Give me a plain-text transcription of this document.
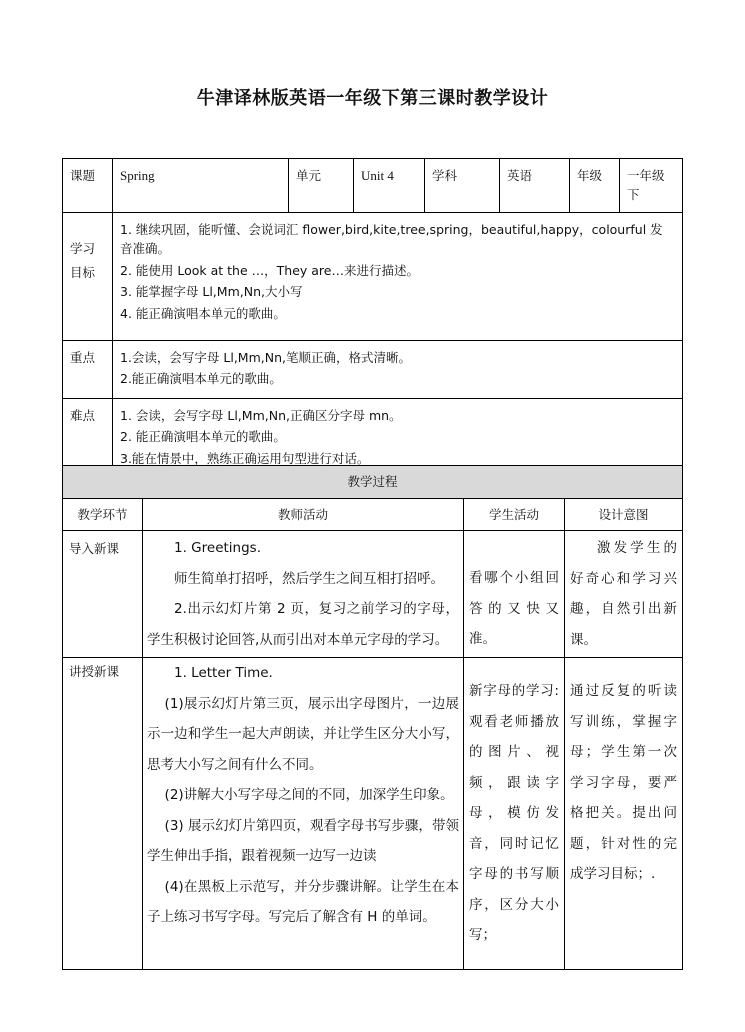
牛津译林版英语一年级下第三课时教学设计
课题	Spring	单元	Unit 4	学科	英语	年级	一年级下
学习目标	1. 继续巩固，能听懂、会说词汇 flower,bird,kite,tree,spring，beautiful,happy，colourful 发音准确。
2. 能使用 Look at the …，They are…来进行描述。
3. 能掌握字母 Ll,Mm,Nn,大小写
4. 能正确演唱本单元的歌曲。						

重点	1.会读，会写字母 Ll,Mm,Nn,笔顺正确，格式清晰。
2.能正确演唱本单元的歌曲。						

难点	1. 会读，会写字母 Ll,Mm,Nn,正确区分字母 mn。
2. 能正确演唱本单元的歌曲。
3.能在情景中，熟练正确运用句型进行对话。						
教学过程			
教学环节	教师活动	学生活动	设计意图
导入新课	1. Greetings.

师生简单打招呼，然后学生之间互相打招呼。

2.出示幻灯片第 2 页，复习之前学习的字母，学生积极讨论回答,从而引出对本单元字母的学习。	看哪个小组回答的又快又准。	激发学生的好奇心和学习兴趣，自然引出新课。

讲授新课	1. Letter Time.

(1)展示幻灯片第三页，展示出字母图片，一边展示一边和学生一起大声朗读，并让学生区分大小写，思考大小写之间有什么不同。

(2)讲解大小写字母之间的不同，加深学生印象。

(3) 展示幻灯片第四页，观看字母书写步骤，带领学生伸出手指，跟着视频一边写一边读

(4)在黑板上示范写，并分步骤讲解。让学生在本子上练习书写字母。写完后了解含有 H 的单词。	新字母的学习:观看老师播放的图片、视频，跟读字母，模仿发音，同时记忆字母的书写顺序，区分大小写；	通过反复的听读写训练，掌握字母；学生第一次学习字母，要严格把关。提出问题，针对性的完成学习目标；.
